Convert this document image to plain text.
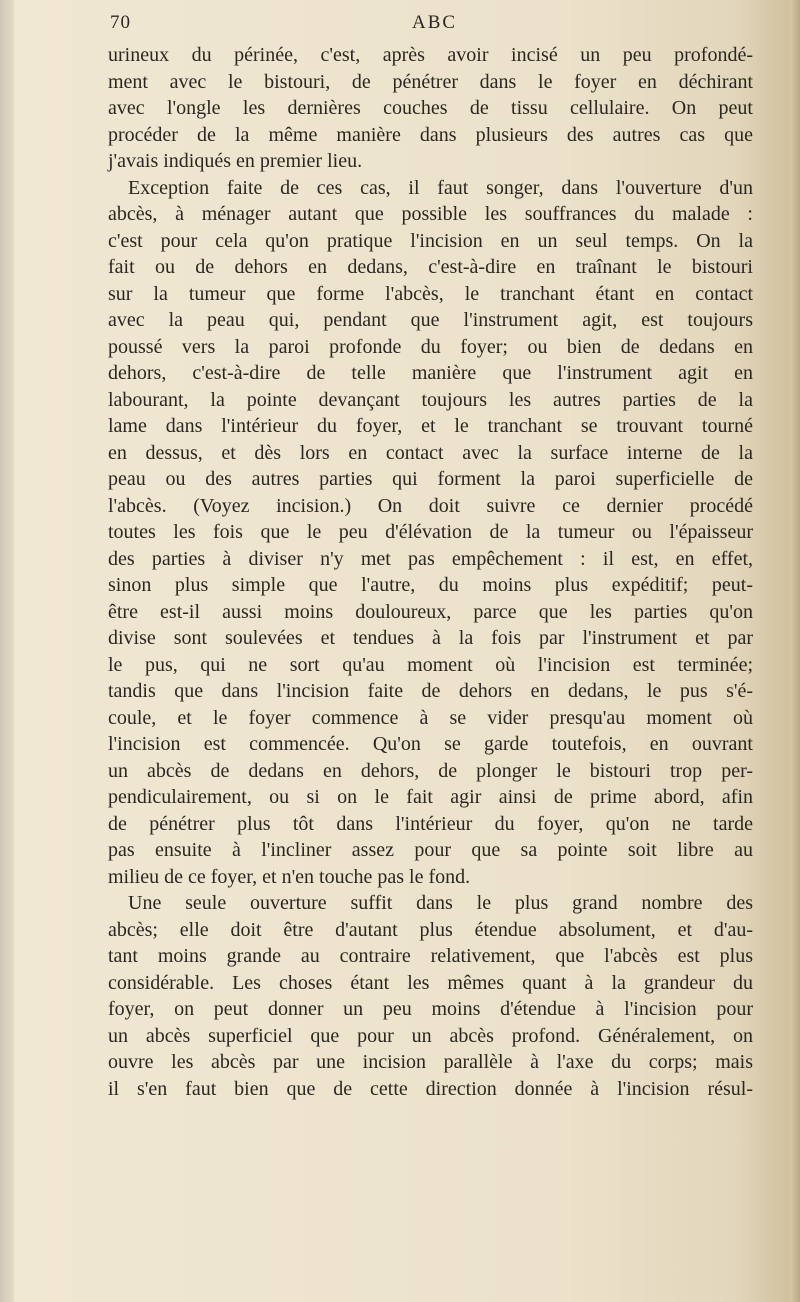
70	ABC
urineux du périnée, c'est, après avoir incisé un peu profondé-
ment avec le bistouri, de pénétrer dans le foyer en déchirant
avec l'ongle les dernières couches de tissu cellulaire. On peut
procéder de la même manière dans plusieurs des autres cas que
j'avais indiqués en premier lieu.
Exception faite de ces cas, il faut songer, dans l'ouverture d'un
abcès, à ménager autant que possible les souffrances du malade :
c'est pour cela qu'on pratique l'incision en un seul temps. On la
fait ou de dehors en dedans, c'est-à-dire en traînant le bistouri
sur la tumeur que forme l'abcès, le tranchant étant en contact
avec la peau qui, pendant que l'instrument agit, est toujours
poussé vers la paroi profonde du foyer; ou bien de dedans en
dehors, c'est-à-dire de telle manière que l'instrument agit en
labourant, la pointe devançant toujours les autres parties de la
lame dans l'intérieur du foyer, et le tranchant se trouvant tourné
en dessus, et dès lors en contact avec la surface interne de la
peau ou des autres parties qui forment la paroi superficielle de
l'abcès. (Voyez incision.) On doit suivre ce dernier procédé
toutes les fois que le peu d'élévation de la tumeur ou l'épaisseur
des parties à diviser n'y met pas empêchement : il est, en effet,
sinon plus simple que l'autre, du moins plus expéditif; peut-
être est-il aussi moins douloureux, parce que les parties qu'on
divise sont soulevées et tendues à la fois par l'instrument et par
le pus, qui ne sort qu'au moment où l'incision est terminée;
tandis que dans l'incision faite de dehors en dedans, le pus s'é-
coule, et le foyer commence à se vider presqu'au moment où
l'incision est commencée. Qu'on se garde toutefois, en ouvrant
un abcès de dedans en dehors, de plonger le bistouri trop per-
pendiculairement, ou si on le fait agir ainsi de prime abord, afin
de pénétrer plus tôt dans l'intérieur du foyer, qu'on ne tarde
pas ensuite à l'incliner assez pour que sa pointe soit libre au
milieu de ce foyer, et n'en touche pas le fond.
Une seule ouverture suffit dans le plus grand nombre des
abcès; elle doit être d'autant plus étendue absolument, et d'au-
tant moins grande au contraire relativement, que l'abcès est plus
considérable. Les choses étant les mêmes quant à la grandeur du
foyer, on peut donner un peu moins d'étendue à l'incision pour
un abcès superficiel que pour un abcès profond. Généralement, on
ouvre les abcès par une incision parallèle à l'axe du corps; mais
il s'en faut bien que de cette direction donnée à l'incision résul-
